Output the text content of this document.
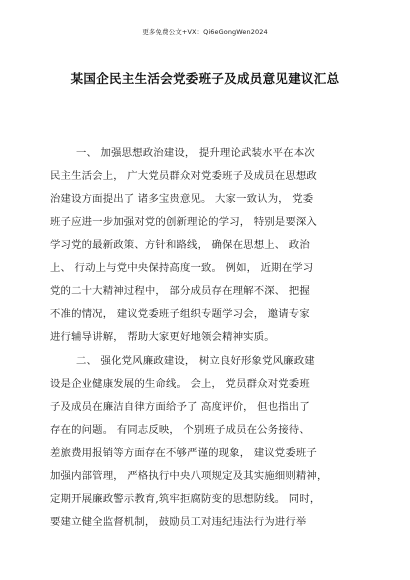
更多免费公文+VX：Qi6eGongWen2024
某国企民主生活会党委班子及成员意见建议汇总
一、 加强思想政治建设， 提升理论武装水平在本次
民主生活会上， 广大党员群众对党委班子及成员在思想政
治建设方面提出了 诸多宝贵意见。 大家一致认为， 党委
班子应进一步加强对党的创新理论的学习， 特别是要深入
学习党的最新政策、方针和路线， 确保在思想上、 政治
上、 行动上与党中央保持高度一致。 例如， 近期在学习
党的二十大精神过程中， 部分成员存在理解不深、 把握
不准的情况， 建议党委班子组织专题学习会， 邀请专家
进行辅导讲解， 帮助大家更好地领会精神实质。
二、 强化党风廉政建设， 树立良好形象党风廉政建
设是企业健康发展的生命线。 会上， 党员群众对党委班
子及成员在廉洁自律方面给予了 高度评价， 但也指出了
存在的问题。 有同志反映， 个别班子成员在公务接待、
差旅费用报销等方面存在不够严谨的现象， 建议党委班子
加强内部管理， 严格执行中央八项规定及其实施细则精神，
定期开展廉政警示教育,筑牢拒腐防变的思想防线。 同时，
要建立健全监督机制， 鼓励员工对违纪违法行为进行举
